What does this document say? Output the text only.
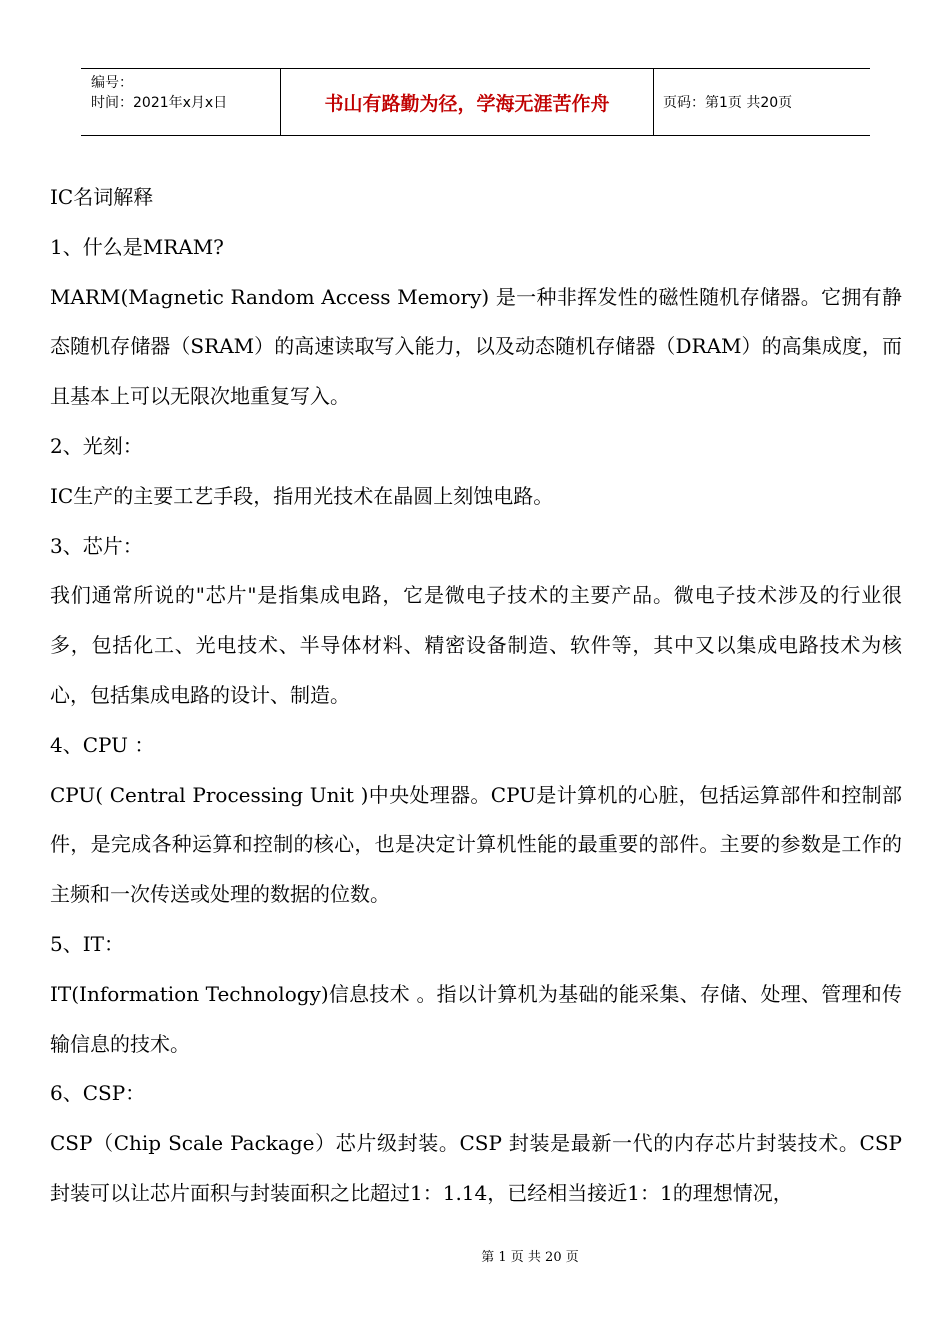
编号：
时间：2021年x月x日	书山有路勤为径，学海无涯苦作舟	页码：第1页 共20页

IC名词解释

1、什么是MRAM?

MARM(Magnetic Random Access Memory) 是一种非挥发性的磁性随机存储器。它拥有静态随机存储器（SRAM）的高速读取写入能力，以及动态随机存储器（DRAM）的高集成度，而且基本上可以无限次地重复写入。

2、光刻：

IC生产的主要工艺手段，指用光技术在晶圆上刻蚀电路。

3、芯片：

我们通常所说的"芯片"是指集成电路，它是微电子技术的主要产品。微电子技术涉及的行业很多，包括化工、光电技术、半导体材料、精密设备制造、软件等，其中又以集成电路技术为核心，包括集成电路的设计、制造。

4、CPU ：

CPU( Central Processing Unit )中央处理器。CPU是计算机的心脏，包括运算部件和控制部件，是完成各种运算和控制的核心，也是决定计算机性能的最重要的部件。主要的参数是工作的主频和一次传送或处理的数据的位数。

5、IT：

IT(Information Technology)信息技术 。指以计算机为基础的能采集、存储、处理、管理和传输信息的技术。

6、CSP：

CSP（Chip Scale Package）芯片级封装。CSP 封装是最新一代的内存芯片封装技术。CSP封装可以让芯片面积与封装面积之比超过1：1.14，已经相当接近1：1的理想情况，

第 1 页 共 20 页
